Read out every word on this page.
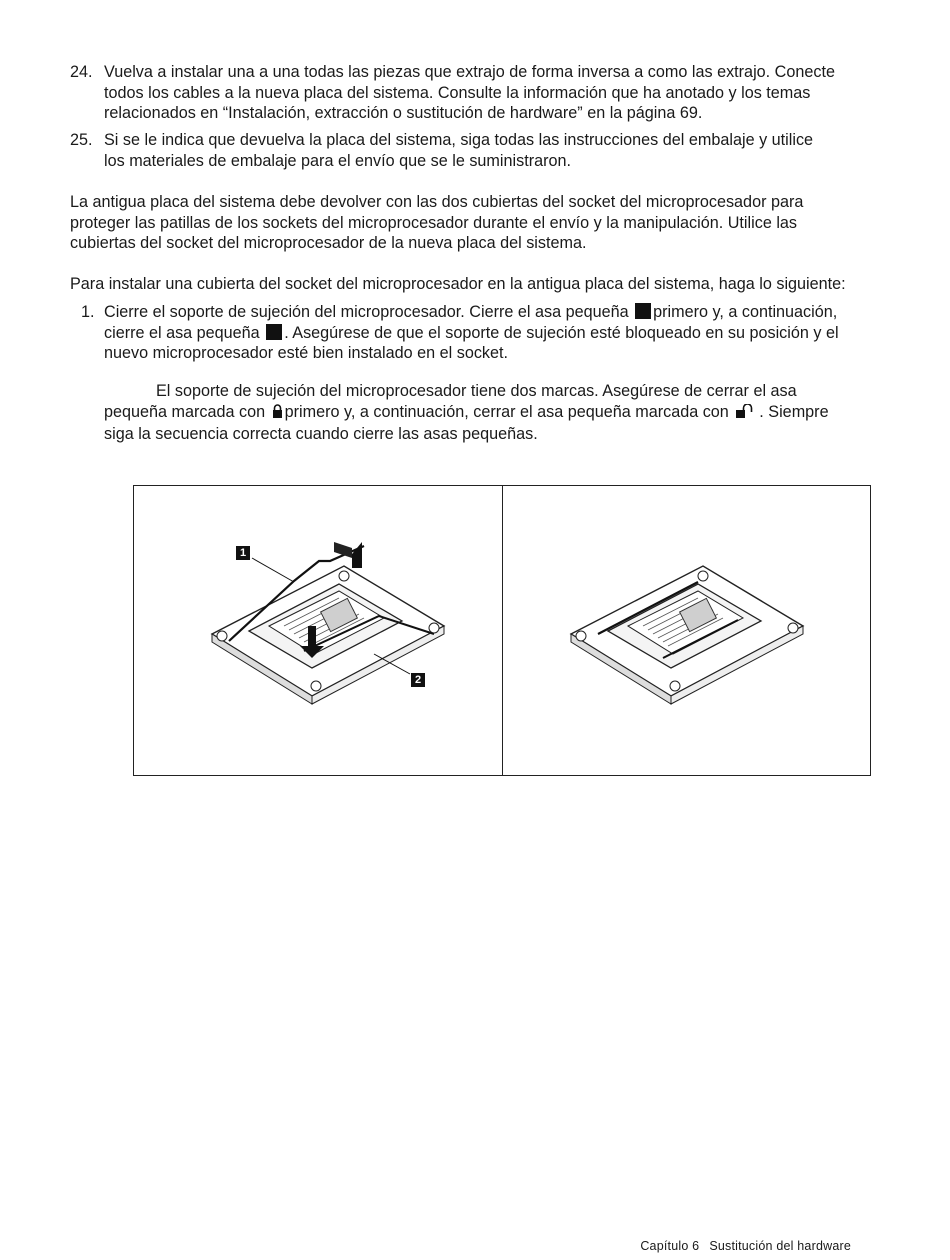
24. Vuelva a instalar una a una todas las piezas que extrajo de forma inversa a como las extrajo. Conecte
todos los cables a la nueva placa del sistema. Consulte la información que ha anotado y los temas
relacionados en “Instalación, extracción o sustitución de hardware” en la página 69.
25. Si se le indica que devuelva la placa del sistema, siga todas las instrucciones del embalaje y utilice
los materiales de embalaje para el envío que se le suministraron.
La antigua placa del sistema debe devolver con las dos cubiertas del socket del microprocesador para
proteger las patillas de los sockets del microprocesador durante el envío y la manipulación. Utilice las
cubiertas del socket del microprocesador de la nueva placa del sistema.
Para instalar una cubierta del socket del microprocesador en la antigua placa del sistema, haga lo siguiente:
1. Cierre el soporte de sujeción del microprocesador. Cierre el asa pequeña primero y, a continuación,
cierre el asa pequeña . Asegúrese de que el soporte de sujeción esté bloqueado en su posición y el
nuevo microprocesador esté bien instalado en el socket.
El soporte de sujeción del microprocesador tiene dos marcas. Asegúrese de cerrar el asa
pequeña marcada con primero y, a continuación, cerrar el asa pequeña marcada con . Siempre
siga la secuencia correcta cuando cierre las asas pequeñas.
1
2
Capítulo 6 Sustitución del hardware
